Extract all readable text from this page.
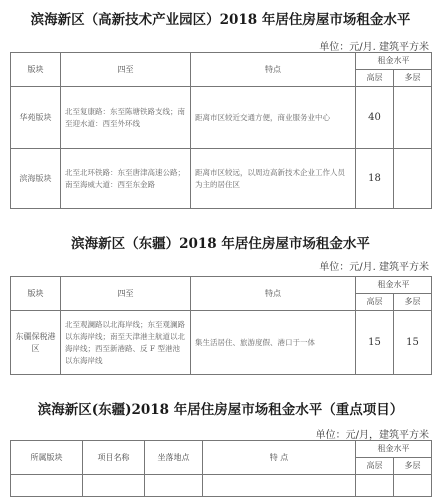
滨海新区（高新技术产业园区）2018 年居住房屋市场租金水平
单位：元/月. 建筑平方米
版块	四至	特点	租金水平	
			高层	多层
华苑版块	北至复康路：东至陈塘铁路支线；南至迎水道：西至外环线	距离市区较近交通方便，商业服务业中心	40	
滨海版块	北至北环铁路：东至唐津高速公路；南至海威大道：西至东金路	距离市区较远，以周边高新技术企业工作人员为主的居住区	18	
滨海新区（东疆）2018 年居住房屋市场租金水平
单位：元/月. 建筑平方米
版块	四至	特点	租金水平	
			高层	多层
东疆保税港区	北至观澜路以北海岸线；东至观澜路以东海岸线；南至天津港主航道以北海岸线；西至新港路、反 F 型港池以东海岸线	集生活居住、旅游度假、港口于一体	15	15
滨海新区(东疆)2018 年居住房屋市场租金水平（重点项目）
单位：元/月，建筑平方米
所属版块	项目名称	坐落地点	特 点	租金水平	
				高层	多层
